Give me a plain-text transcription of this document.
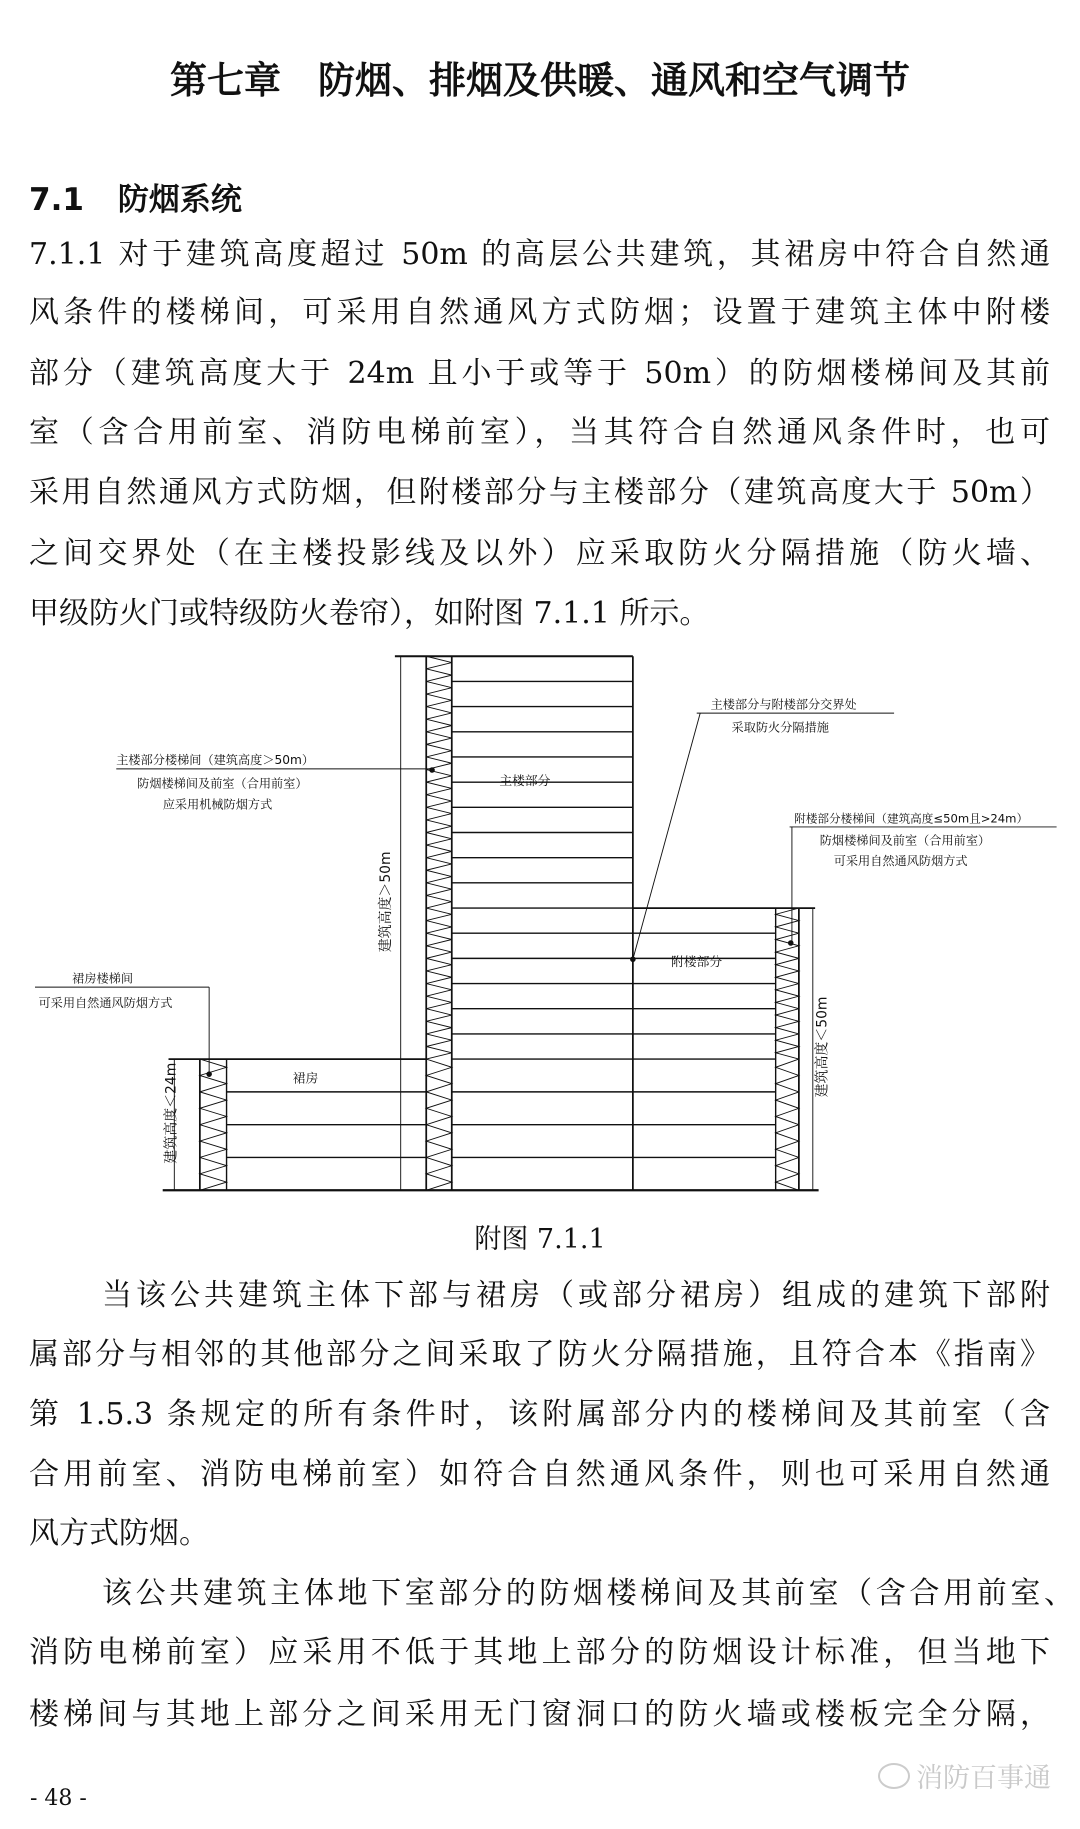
第七章　防烟、排烟及供暖、通风和空气调节
7.1 防烟系统
7.1.1 对于建筑高度超过 50m 的高层公共建筑，其裙房中符合自然通
风条件的楼梯间，可采用自然通风方式防烟；设置于建筑主体中附楼
部分（建筑高度大于 24m 且小于或等于 50m）的防烟楼梯间及其前
室（含合用前室、消防电梯前室），当其符合自然通风条件时，也可
采用自然通风方式防烟，但附楼部分与主楼部分（建筑高度大于 50m）
之间交界处（在主楼投影线及以外）应采取防火分隔措施（防火墙、
甲级防火门或特级防火卷帘），如附图 7.1.1 所示。
主楼部分
附楼部分
裙房
建筑高度＞50m
建筑高度＜50m
建筑高度＜24m
主楼部分楼梯间（建筑高度＞50m）
防烟楼梯间及前室（合用前室）
应采用机械防烟方式
主楼部分与附楼部分交界处
采取防火分隔措施
附楼部分楼梯间（建筑高度≤50m且>24m）
防烟楼梯间及前室（合用前室）
可采用自然通风防烟方式
裙房楼梯间
可采用自然通风防烟方式
附图 7.1.1
当该公共建筑主体下部与裙房（或部分裙房）组成的建筑下部附
属部分与相邻的其他部分之间采取了防火分隔措施，且符合本《指南》
第 1.5.3 条规定的所有条件时，该附属部分内的楼梯间及其前室（含
合用前室、消防电梯前室）如符合自然通风条件，则也可采用自然通
风方式防烟。
该公共建筑主体地下室部分的防烟楼梯间及其前室（含合用前室、
消防电梯前室）应采用不低于其地上部分的防烟设计标准，但当地下
楼梯间与其地上部分之间采用无门窗洞口的防火墙或楼板完全分隔，
消防百事通
- 48 -
